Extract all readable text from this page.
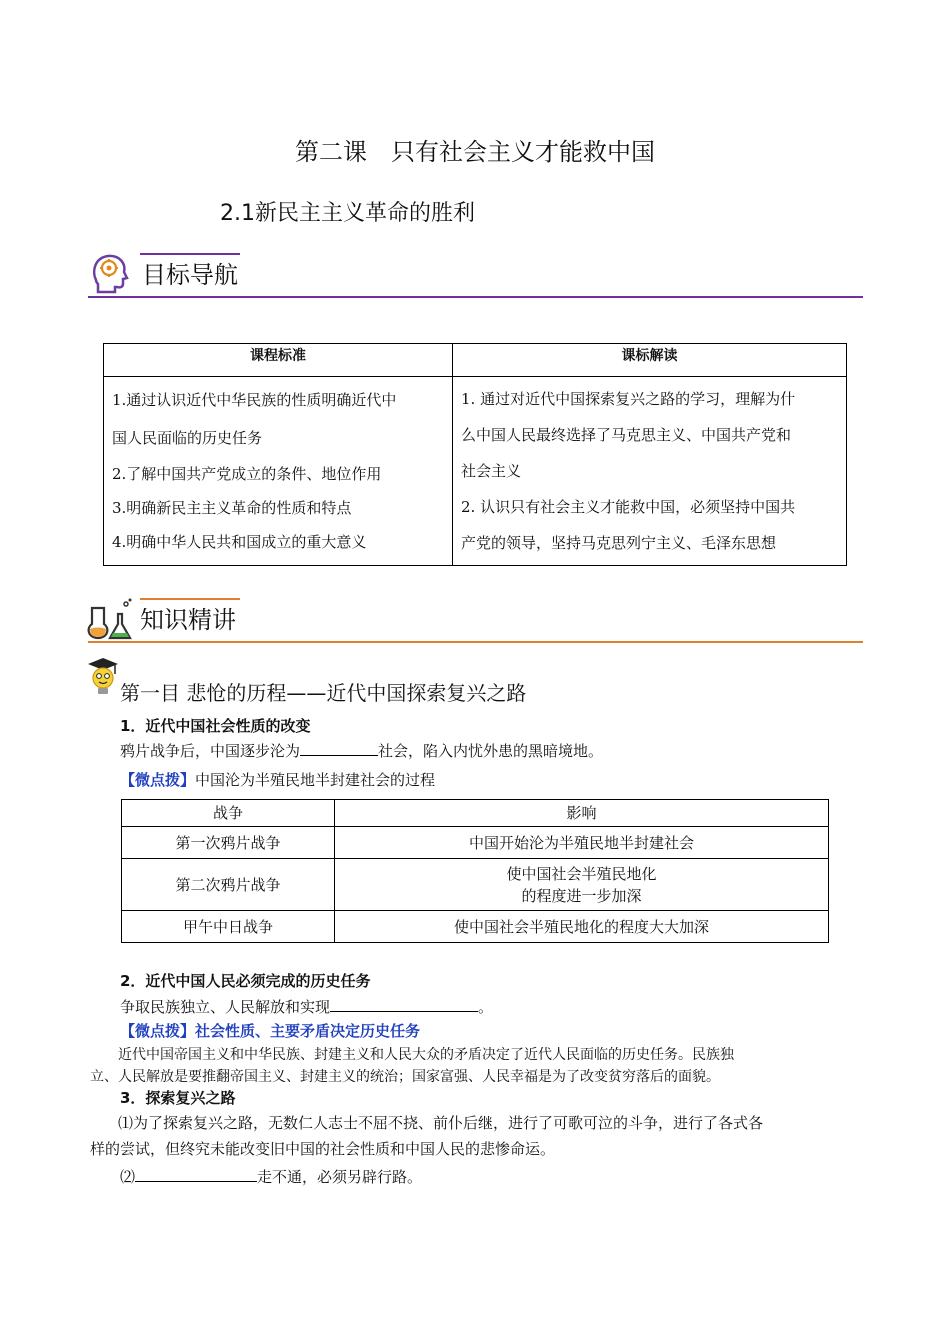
第二课　只有社会主义才能救中国
2.1新民主主义革命的胜利
目标导航
课程标准	课标解读

1.通过认识近代中华民族的性质明确近代中
国人民面临的历史任务
2.了解中国共产党成立的条件、地位作用
3.明确新民主主义革命的性质和特点
4.明确中华人民共和国成立的重大意义	1. 通过对近代中国探索复兴之路的学习，理解为什
么中国人民最终选择了马克思主义、中国共产党和
社会主义
2. 认识只有社会主义才能救中国，必须坚持中国共
产党的领导，坚持马克思列宁主义、毛泽东思想
知识精讲
第一目 悲怆的历程——近代中国探索复兴之路
1．近代中国社会性质的改变
鸦片战争后，中国逐步沦为	社会，陷入内忧外患的黑暗境地。
【微点拨】中国沦为半殖民地半封建社会的过程
战争	影响
第一次鸦片战争	中国开始沦为半殖民地半封建社会
第二次鸦片战争	使中国社会半殖民地化
的程度进一步加深

甲午中日战争	使中国社会半殖民地化的程度大大加深
2．近代中国人民必须完成的历史任务
争取民族独立、人民解放和实现	。
【微点拨】社会性质、主要矛盾决定历史任务
近代中国帝国主义和中华民族、封建主义和人民大众的矛盾决定了近代人民面临的历史任务。民族独
立、人民解放是要推翻帝国主义、封建主义的统治；国家富强、人民幸福是为了改变贫穷落后的面貌。
3．探索复兴之路
⑴为了探索复兴之路，无数仁人志士不屈不挠、前仆后继，进行了可歌可泣的斗争，进行了各式各
样的尝试，但终究未能改变旧中国的社会性质和中国人民的悲惨命运。
⑵	走不通，必须另辟行路。
